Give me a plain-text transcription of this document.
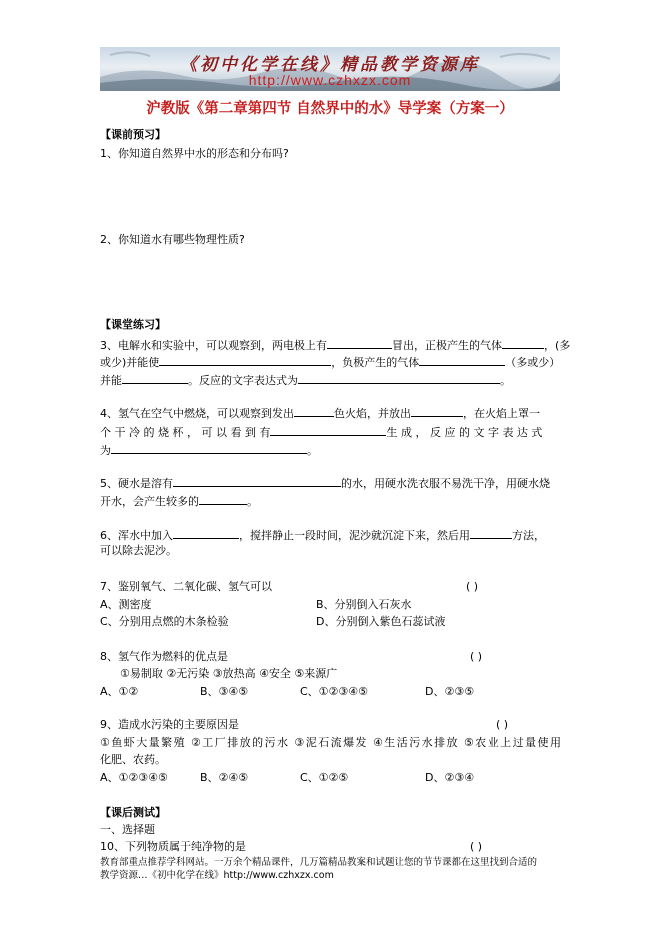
《初中化学在线》精品教学资源库
http://www.czhxzx.com
沪教版《第二章第四节 自然界中的水》导学案（方案一）
【课前预习】
1、你知道自然界中水的形态和分布吗?
2、你知道水有哪些物理性质?
【课堂练习】
3、电解水和实验中，可以观察到，两电极上有	冒出，正极产生的气体	，(多
或少)并能使	，负极产生的气体	（多或少）
并能	。反应的文字表达式为	。
4、氢气在空气中燃烧，可以观察到发出	色火焰，并放出	，在火焰上罩一
个 干 冷 的 烧 杯 ， 可 以 看 到 有	生 成 ， 反 应 的 文 字 表 达 式
为	。
5、硬水是溶有	的水，用硬水洗衣服不易洗干净，用硬水烧
开水，会产生较多的	。
6、浑水中加入	，搅拌静止一段时间，泥沙就沉淀下来，然后用	方法，
可以除去泥沙。
7、鉴别氧气、二氧化碳、氢气可以	( )
A、测密度	B、分别倒入石灰水
C、分别用点燃的木条检验	D、分别倒入紫色石蕊试液
8、氢气作为燃料的优点是	( )
①易制取 ②无污染 ③放热高 ④安全 ⑤来源广
A、①②	B、③④⑤	C、①②③④⑤	D、②③⑤
9、造成水污染的主要原因是	( )
①鱼虾大量繁殖 ②工厂排放的污水 ③泥石流爆发 ④生活污水排放 ⑤农业上过量使用
化肥、农药。
A、①②③④⑤	B、②④⑤	C、①②⑤	D、②③④
【课后测试】
一、选择题
10、下列物质属于纯净物的是	( )
教育部重点推荐学科网站。一万余个精品课件，几万篇精品教案和试题让您的节节课都在这里找到合适的
教学资源…《初中化学在线》http://www.czhxzx.com
